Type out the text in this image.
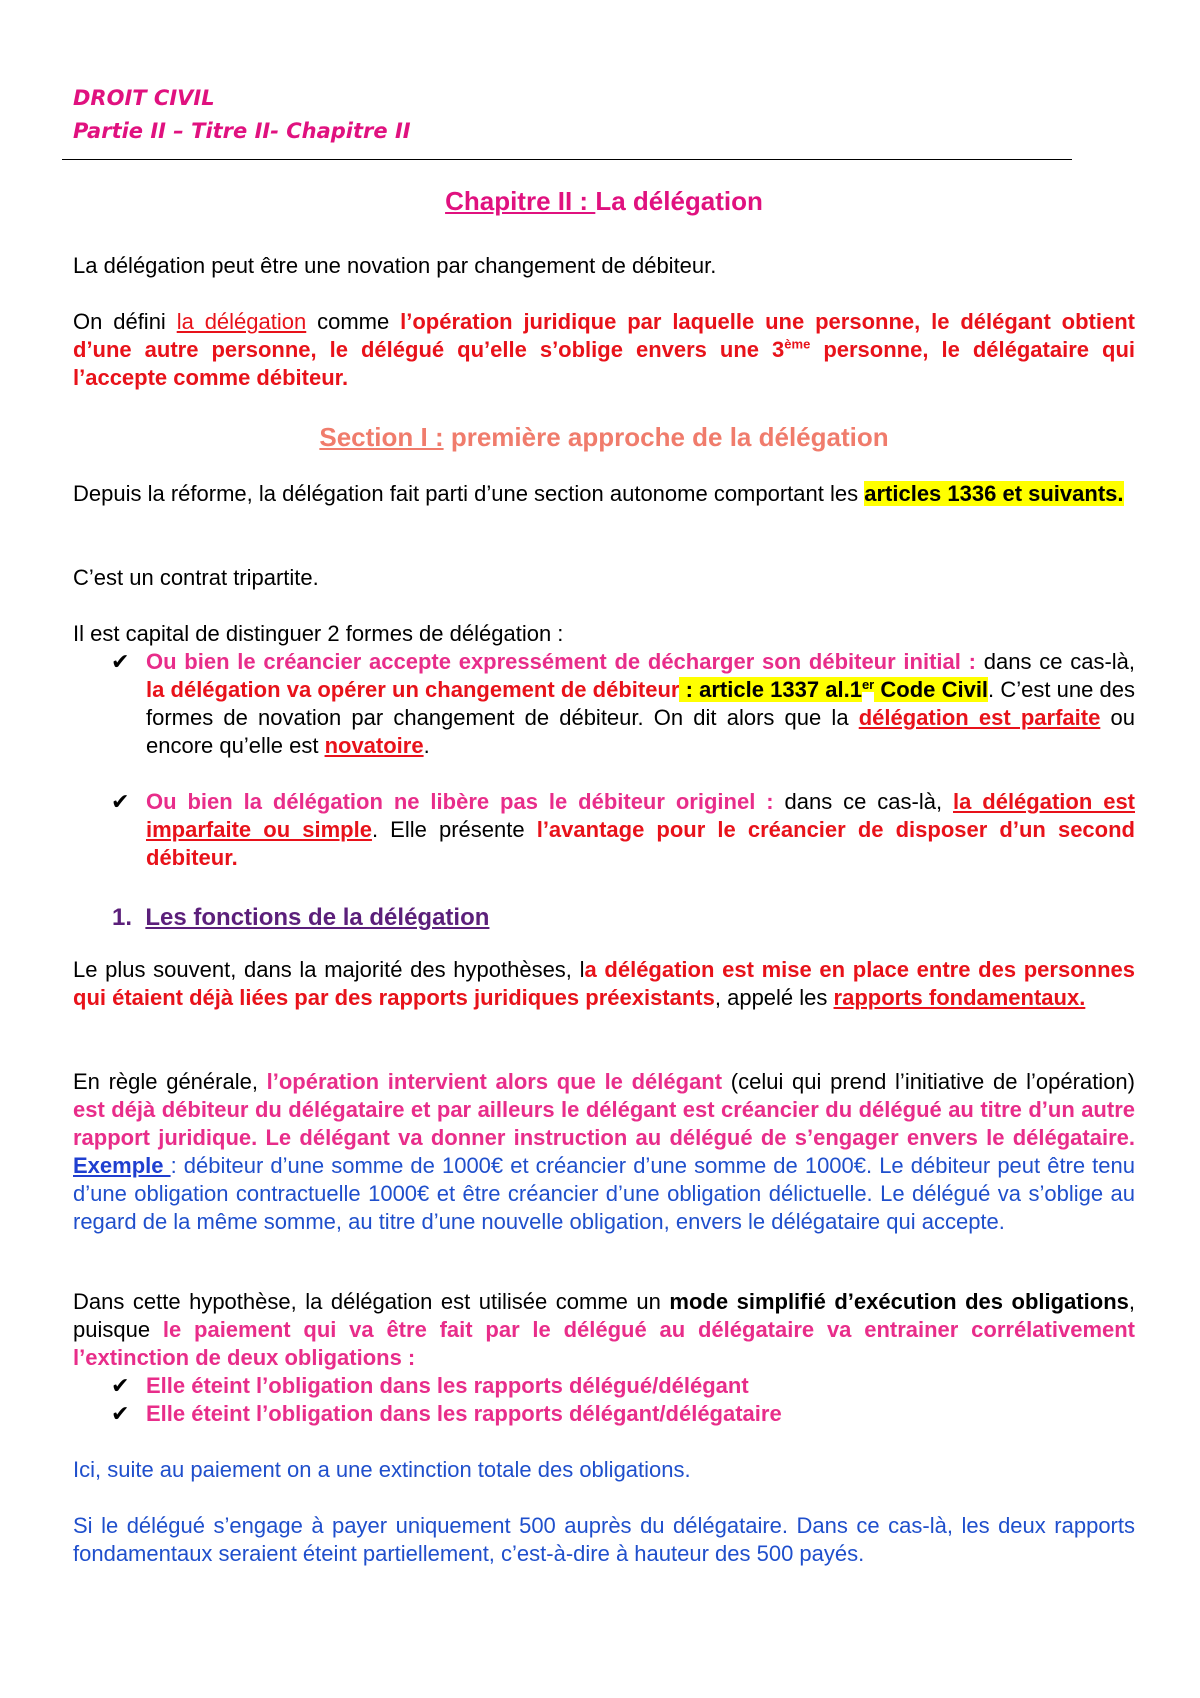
DROIT CIVIL
Partie II – Titre II- Chapitre II
Chapitre II : La délégation

La délégation peut être une novation par changement de débiteur.

On défini la délégation comme l’opération juridique par laquelle une personne, le délégant obtient d’une autre personne, le délégué qu’elle s’oblige envers une 3ème personne, le délégataire qui l’accepte comme débiteur.

Section I : première approche de la délégation

Depuis la réforme, la délégation fait parti d’une section autonome comportant les articles 1336 et suivants.

C’est un contrat tripartite.

Il est capital de distinguer 2 formes de délégation :

✔ Ou bien le créancier accepte expressément de décharger son débiteur initial : dans ce cas-là, la délégation va opérer un changement de débiteur : article 1337 al.1er Code Civil. C’est une des formes de novation par changement de débiteur. On dit alors que la délégation est parfaite ou encore qu’elle est novatoire.
✔ Ou bien la délégation ne libère pas le débiteur originel : dans ce cas-là, la délégation est imparfaite ou simple. Elle présente l’avantage pour le créancier de disposer d’un second débiteur.
1. Les fonctions de la délégation

Le plus souvent, dans la majorité des hypothèses, la délégation est mise en place entre des personnes qui étaient déjà liées par des rapports juridiques préexistants, appelé les rapports fondamentaux.

En règle générale, l’opération intervient alors que le délégant (celui qui prend l’initiative de l’opération) est déjà débiteur du délégataire et par ailleurs le délégant est créancier du délégué au titre d’un autre rapport juridique. Le délégant va donner instruction au délégué de s’engager envers le délégataire. Exemple : débiteur d’une somme de 1000€ et créancier d’une somme de 1000€. Le débiteur peut être tenu d’une obligation contractuelle 1000€ et être créancier d’une obligation délictuelle. Le délégué va s’oblige au regard de la même somme, au titre d’une nouvelle obligation, envers le délégataire qui accepte.

Dans cette hypothèse, la délégation est utilisée comme un mode simplifié d’exécution des obligations, puisque le paiement qui va être fait par le délégué au délégataire va entrainer corrélativement l’extinction de deux obligations :

✔ Elle éteint l’obligation dans les rapports délégué/délégant
✔ Elle éteint l’obligation dans les rapports délégant/délégataire

Ici, suite au paiement on a une extinction totale des obligations.

Si le délégué s’engage à payer uniquement 500 auprès du délégataire. Dans ce cas-là, les deux rapports fondamentaux seraient éteint partiellement, c’est-à-dire à hauteur des 500 payés.
